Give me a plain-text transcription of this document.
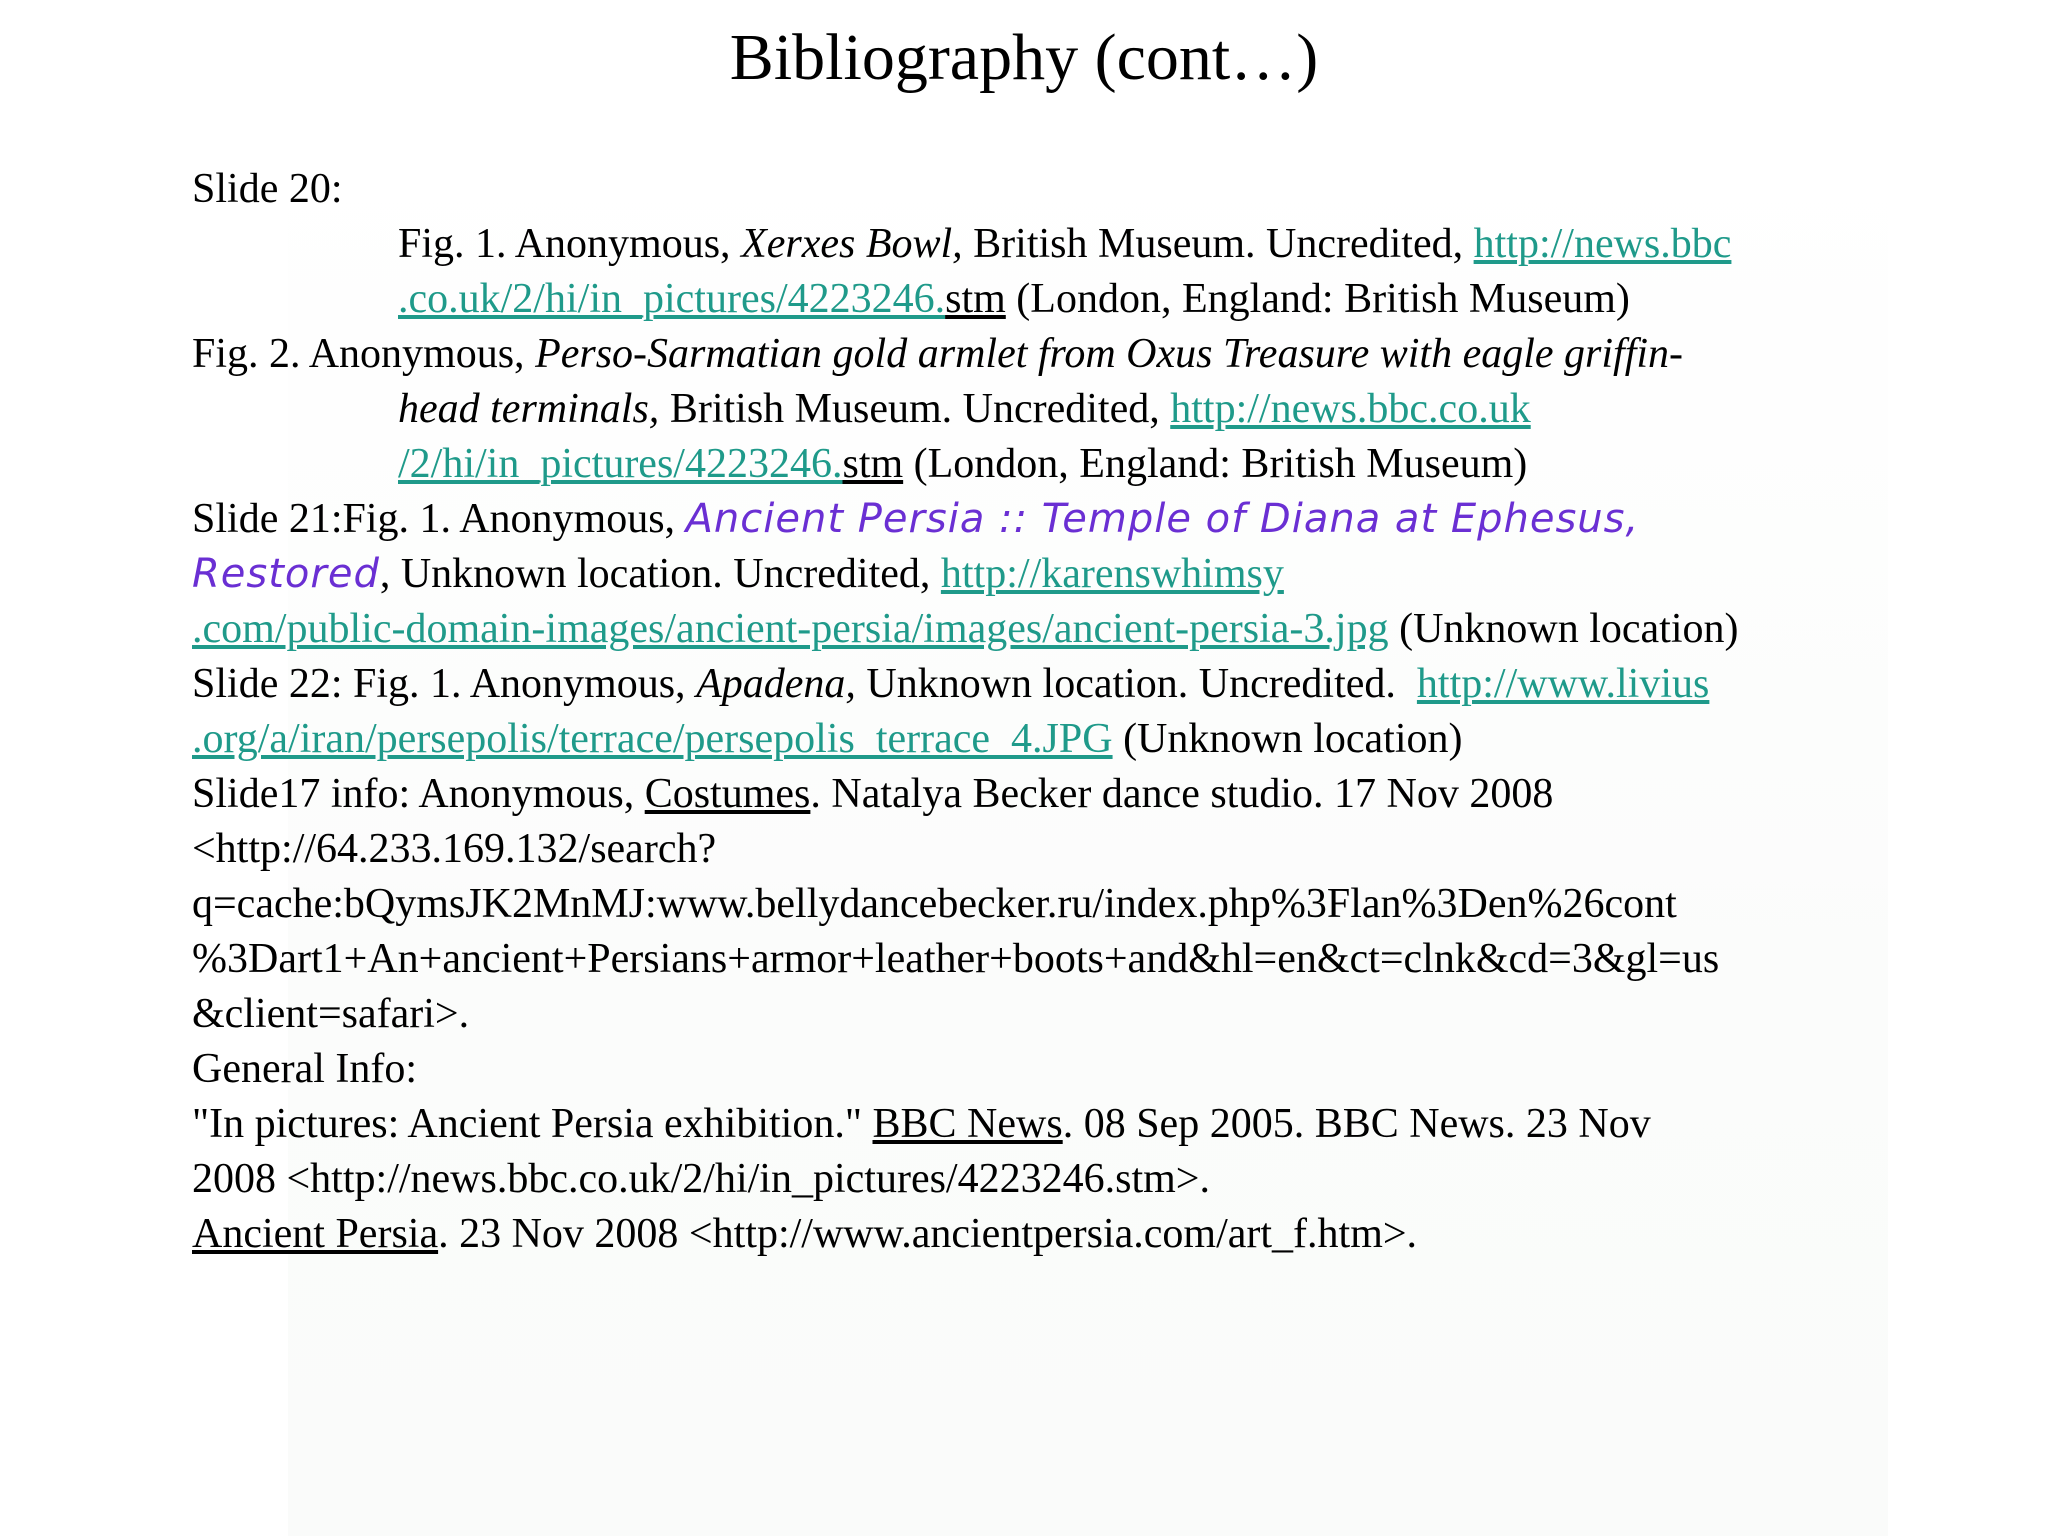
Bibliography (cont…)
Slide 20:
Fig. 1. Anonymous, Xerxes Bowl, British Museum. Uncredited, http://news.bbc
.co.uk/2/hi/in_pictures/4223246.stm (London, England: British Museum)
Fig. 2. Anonymous, Perso-Sarmatian gold armlet from Oxus Treasure with eagle griffin-
head terminals, British Museum. Uncredited, http://news.bbc.co.uk
/2/hi/in_pictures/4223246.stm (London, England: British Museum)
Slide 21:Fig. 1. Anonymous, Ancient Persia :: Temple of Diana at Ephesus,
Restored, Unknown location. Uncredited, http://karenswhimsy
.com/public-domain-images/ancient-persia/images/ancient-persia-3.jpg (Unknown location)
Slide 22: Fig. 1. Anonymous, Apadena, Unknown location. Uncredited.  http://www.livius
.org/a/iran/persepolis/terrace/persepolis_terrace_4.JPG (Unknown location)
Slide17 info: Anonymous, Costumes. Natalya Becker dance studio. 17 Nov 2008
<http://64.233.169.132/search?
q=cache:bQymsJK2MnMJ:www.bellydancebecker.ru/index.php%3Flan%3Den%26cont
%3Dart1+An+ancient+Persians+armor+leather+boots+and&hl=en&ct=clnk&cd=3&gl=us
&client=safari>.
General Info:
"In pictures: Ancient Persia exhibition." BBC News. 08 Sep 2005. BBC News. 23 Nov
2008 <http://news.bbc.co.uk/2/hi/in_pictures/4223246.stm>.
Ancient Persia. 23 Nov 2008 <http://www.ancientpersia.com/art_f.htm>.
